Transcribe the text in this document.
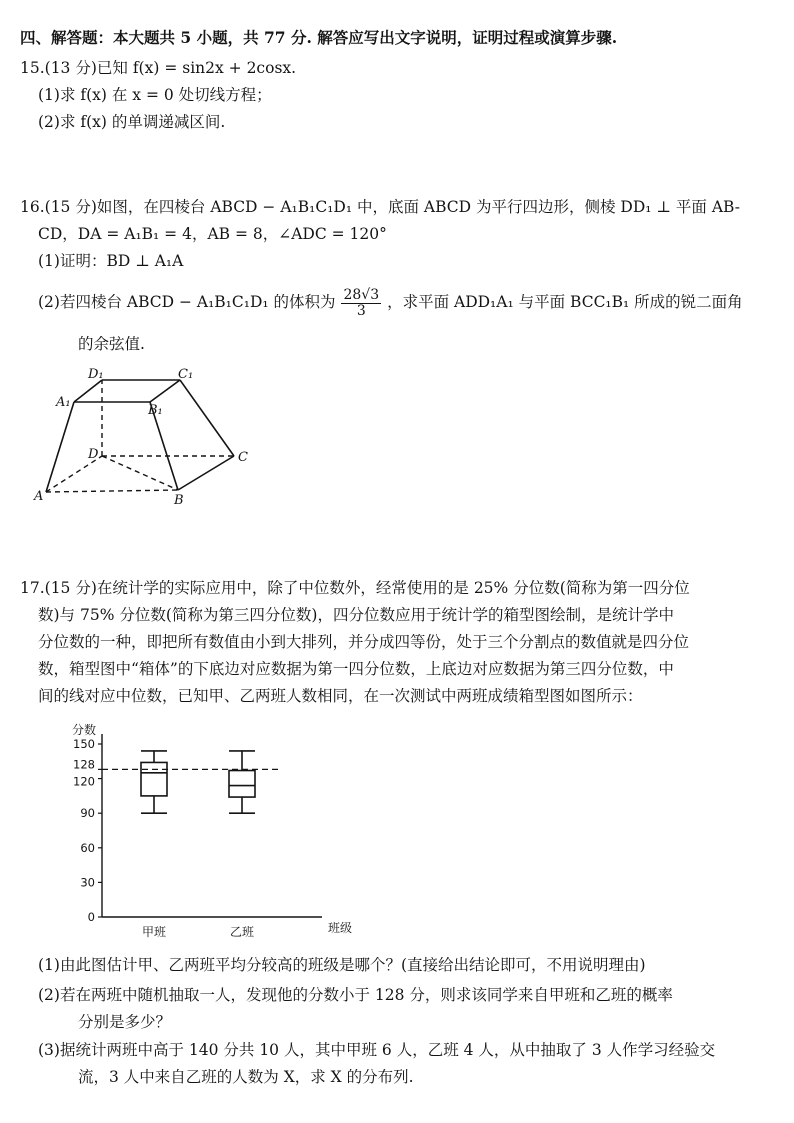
四、解答题：本大题共 5 小题，共 77 分. 解答应写出文字说明，证明过程或演算步骤.
15.(13 分)已知 f(x) = sin2x + 2cosx.
(1)求 f(x) 在 x = 0 处切线方程；
(2)求 f(x) 的单调递减区间.
16.(15 分)如图，在四棱台 ABCD − A₁B₁C₁D₁ 中，底面 ABCD 为平行四边形，侧棱 DD₁ ⊥ 平面 AB-
CD，DA = A₁B₁ = 4，AB = 8，∠ADC = 120°
(1)证明：BD ⊥ A₁A
(2)若四棱台 ABCD − A₁B₁C₁D₁ 的体积为 $\frac{28√3}{3}$ ，求平面 ADD₁A₁ 与平面 BCC₁B₁ 所成的锐二面角
的余弦值.
D₁	C₁
A₁
B₁
D	C
A	B
17.(15 分)在统计学的实际应用中，除了中位数外，经常使用的是 25% 分位数(简称为第一四分位
数)与 75% 分位数(简称为第三四分位数)，四分位数应用于统计学的箱型图绘制，是统计学中
分位数的一种，即把所有数值由小到大排列，并分成四等份，处于三个分割点的数值就是四分位
数，箱型图中“箱体”的下底边对应数据为第一四分位数，上底边对应数据为第三四分位数，中
间的线对应中位数，已知甲、乙两班人数相同，在一次测试中两班成绩箱型图如图所示：
分数
班级
0
30
60
90
120
128
150
甲班	乙班
(1)由此图估计甲、乙两班平均分较高的班级是哪个？(直接给出结论即可，不用说明理由)
(2)若在两班中随机抽取一人，发现他的分数小于 128 分，则求该同学来自甲班和乙班的概率
分别是多少？
(3)据统计两班中高于 140 分共 10 人，其中甲班 6 人，乙班 4 人，从中抽取了 3 人作学习经验交
流，3 人中来自乙班的人数为 X，求 X 的分布列.
